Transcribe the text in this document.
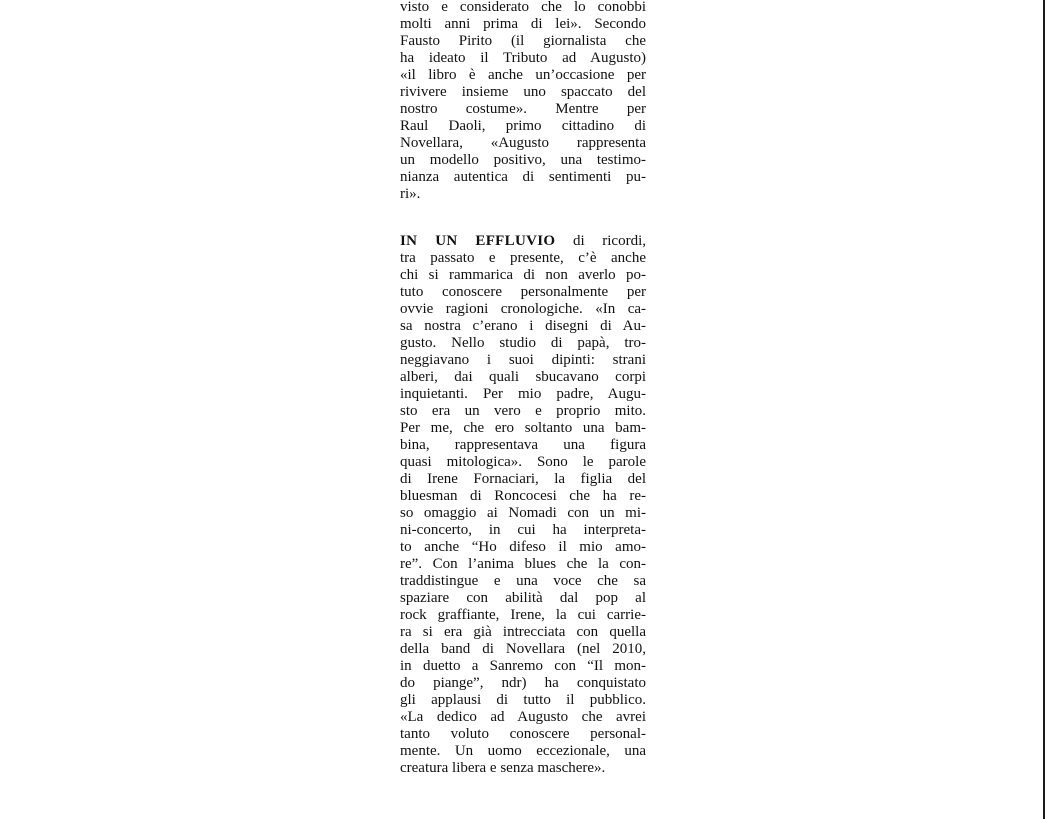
visto e considerato che lo conobbi
molti anni prima di lei». Secondo
Fausto Pirito (il giornalista che
ha ideato il Tributo ad Augusto)
«il libro è anche un’occasione per
rivivere insieme uno spaccato del
nostro costume». Mentre per
Raul Daoli, primo cittadino di
Novellara, «Augusto rappresenta
un modello positivo, una testimo-
nianza autentica di sentimenti pu-
ri».
IN UN EFFLUVIO di ricordi,
tra passato e presente, c’è anche
chi si rammarica di non averlo po-
tuto conoscere personalmente per
ovvie ragioni cronologiche. «In ca-
sa nostra c’erano i disegni di Au-
gusto. Nello studio di papà, tro-
neggiavano i suoi dipinti: strani
alberi, dai quali sbucavano corpi
inquietanti. Per mio padre, Augu-
sto era un vero e proprio mito.
Per me, che ero soltanto una bam-
bina, rappresentava una figura
quasi mitologica». Sono le parole
di Irene Fornaciari, la figlia del
bluesman di Roncocesi che ha re-
so omaggio ai Nomadi con un mi-
ni-concerto, in cui ha interpreta-
to anche “Ho difeso il mio amo-
re”. Con l’anima blues che la con-
traddistingue e una voce che sa
spaziare con abilità dal pop al
rock graffiante, Irene, la cui carrie-
ra si era già intrecciata con quella
della band di Novellara (nel 2010,
in duetto a Sanremo con “Il mon-
do piange”, ndr) ha conquistato
gli applausi di tutto il pubblico.
«La dedico ad Augusto che avrei
tanto voluto conoscere personal-
mente. Un uomo eccezionale, una
creatura libera e senza maschere».
